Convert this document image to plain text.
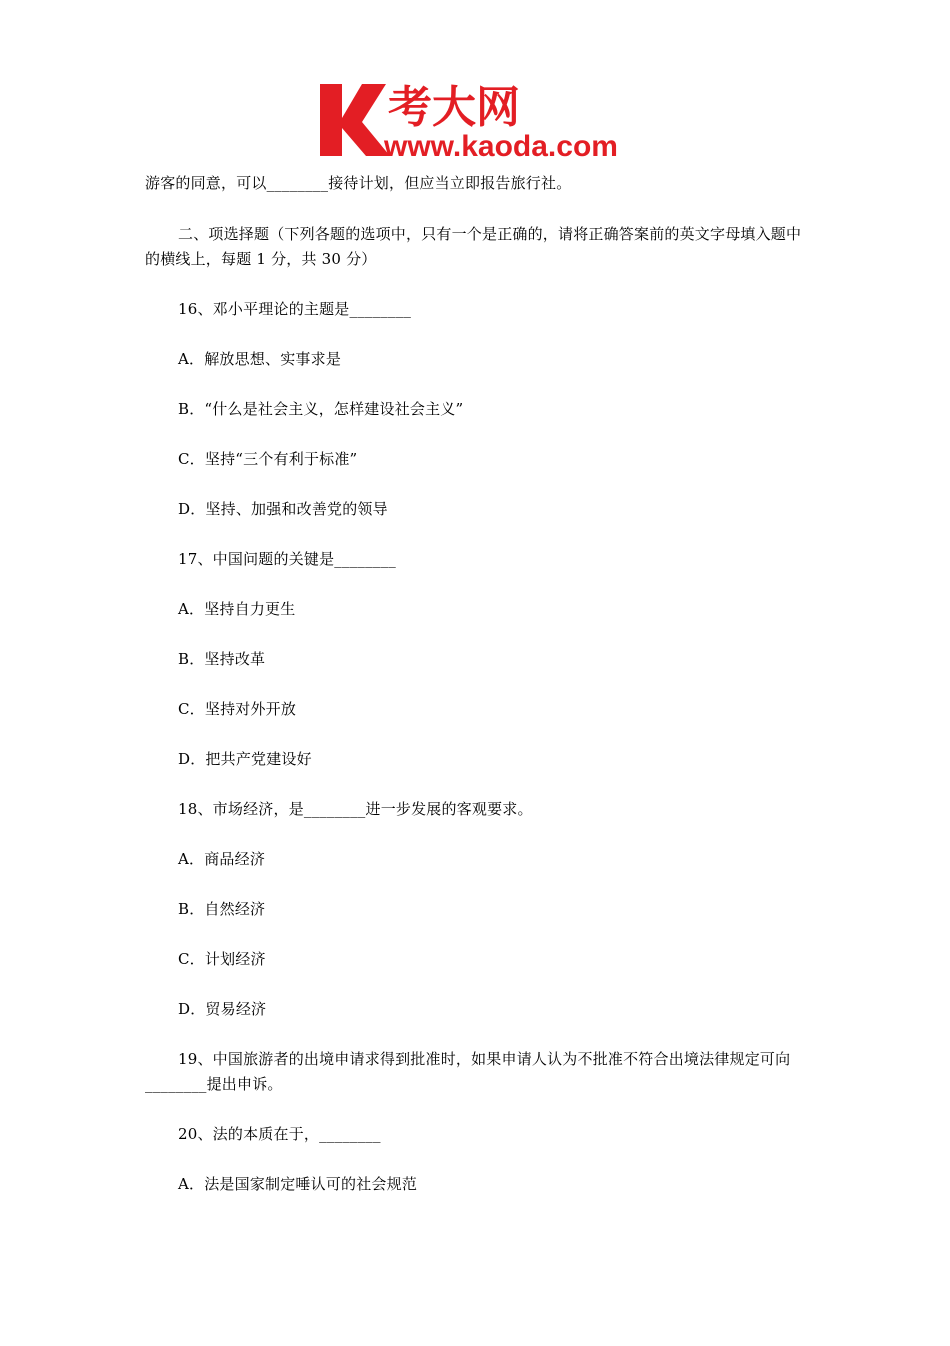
考大网
www.kaoda.com
游客的同意，可以________接待计划，但应当立即报告旅行社。
二、项选择题（下列各题的选项中，只有一个是正确的，请将正确答案前的英文字母填入题中的横线上，每题 1 分，共 30 分）
16、邓小平理论的主题是________
A．解放思想、实事求是
B．“什么是社会主义，怎样建设社会主义”
C．坚持“三个有利于标准”
D．坚持、加强和改善党的领导
17、中国问题的关键是________
A．坚持自力更生
B．坚持改革
C．坚持对外开放
D．把共产党建设好
18、市场经济，是________进一步发展的客观要求。
A．商品经济
B．自然经济
C．计划经济
D．贸易经济
19、中国旅游者的出境申请求得到批准时，如果申请人认为不批准不符合出境法律规定可向________提出申诉。
20、法的本质在于，________
A．法是国家制定唾认可的社会规范
